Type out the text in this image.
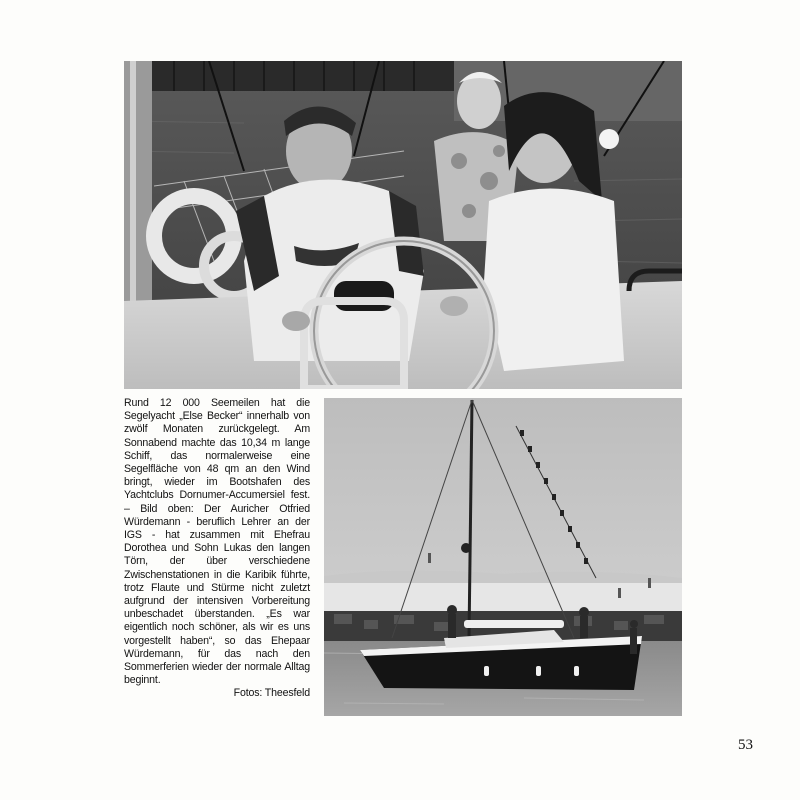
Rund 12 000 Seemeilen hat die Segelyacht „Else Becker“ innerhalb von zwölf Monaten zurückgelegt. Am Sonnabend machte das 10,34 m lange Schiff, das normalerweise eine Segelfläche von 48 qm an den Wind bringt, wieder im Bootshafen des Yachtclubs Dornumer-Accumersiel fest. – Bild oben: Der Auricher Otfried Würdemann - beruflich Lehrer an der IGS - hat zusammen mit Ehefrau Dorothea und Sohn Lukas den langen Törn, der über verschiedene Zwischenstationen in die Karibik führte, trotz Flaute und Stürme nicht zuletzt aufgrund der intensiven Vorbereitung unbeschadet überstanden. „Es war eigentlich noch schöner, als wir es uns vorgestellt haben“, so das Ehepaar Würdemann, für das nach den Sommerferien wieder der normale Alltag beginnt.
Fotos: Theesfeld
53
